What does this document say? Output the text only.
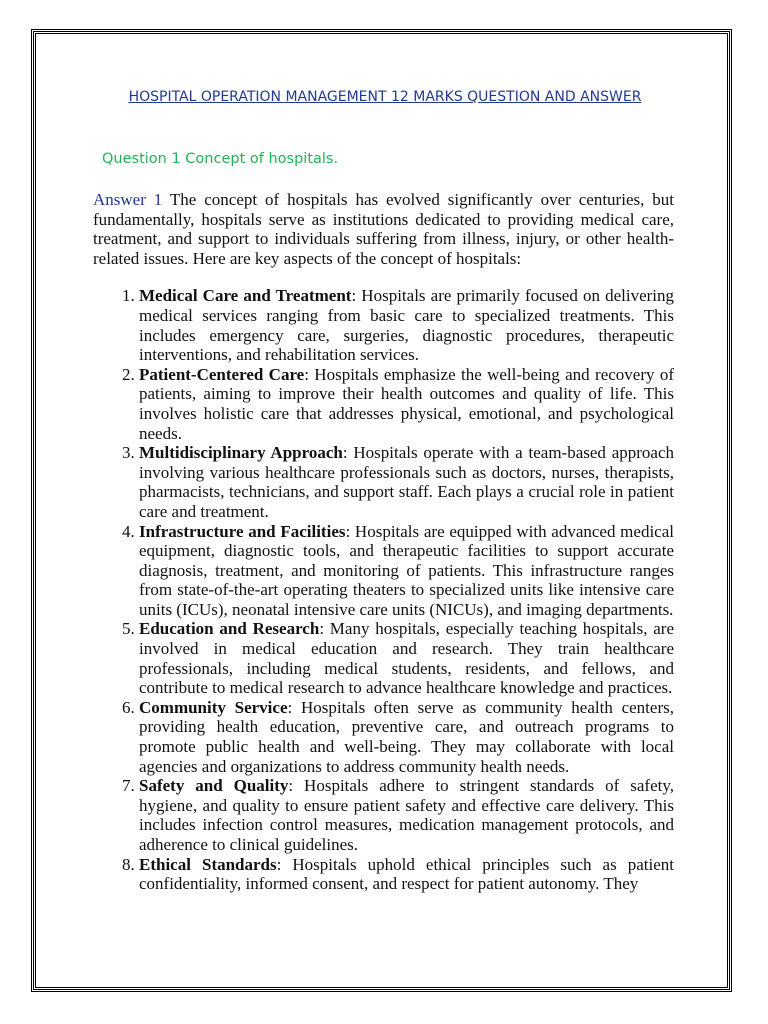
HOSPITAL OPERATION MANAGEMENT 12 MARKS QUESTION AND ANSWER
Question 1 Concept of hospitals.

Answer 1 The concept of hospitals has evolved significantly over centuries, but fundamentally, hospitals serve as institutions dedicated to providing medical care, treatment, and support to individuals suffering from illness, injury, or other health-related issues. Here are key aspects of the concept of hospitals:

1. Medical Care and Treatment: Hospitals are primarily focused on delivering medical services ranging from basic care to specialized treatments. This includes emergency care, surgeries, diagnostic procedures, therapeutic interventions, and rehabilitation services.
2. Patient-Centered Care: Hospitals emphasize the well-being and recovery of patients, aiming to improve their health outcomes and quality of life. This involves holistic care that addresses physical, emotional, and psychological needs.
3. Multidisciplinary Approach: Hospitals operate with a team-based approach involving various healthcare professionals such as doctors, nurses, therapists, pharmacists, technicians, and support staff. Each plays a crucial role in patient care and treatment.
4. Infrastructure and Facilities: Hospitals are equipped with advanced medical equipment, diagnostic tools, and therapeutic facilities to support accurate diagnosis, treatment, and monitoring of patients. This infrastructure ranges from state-of-the-art operating theaters to specialized units like intensive care units (ICUs), neonatal intensive care units (NICUs), and imaging departments.
5. Education and Research: Many hospitals, especially teaching hospitals, are involved in medical education and research. They train healthcare professionals, including medical students, residents, and fellows, and contribute to medical research to advance healthcare knowledge and practices.
6. Community Service: Hospitals often serve as community health centers, providing health education, preventive care, and outreach programs to promote public health and well-being. They may collaborate with local agencies and organizations to address community health needs.
7. Safety and Quality: Hospitals adhere to stringent standards of safety, hygiene, and quality to ensure patient safety and effective care delivery. This includes infection control measures, medication management protocols, and adherence to clinical guidelines.
8. Ethical Standards: Hospitals uphold ethical principles such as patient confidentiality, informed consent, and respect for patient autonomy. They
